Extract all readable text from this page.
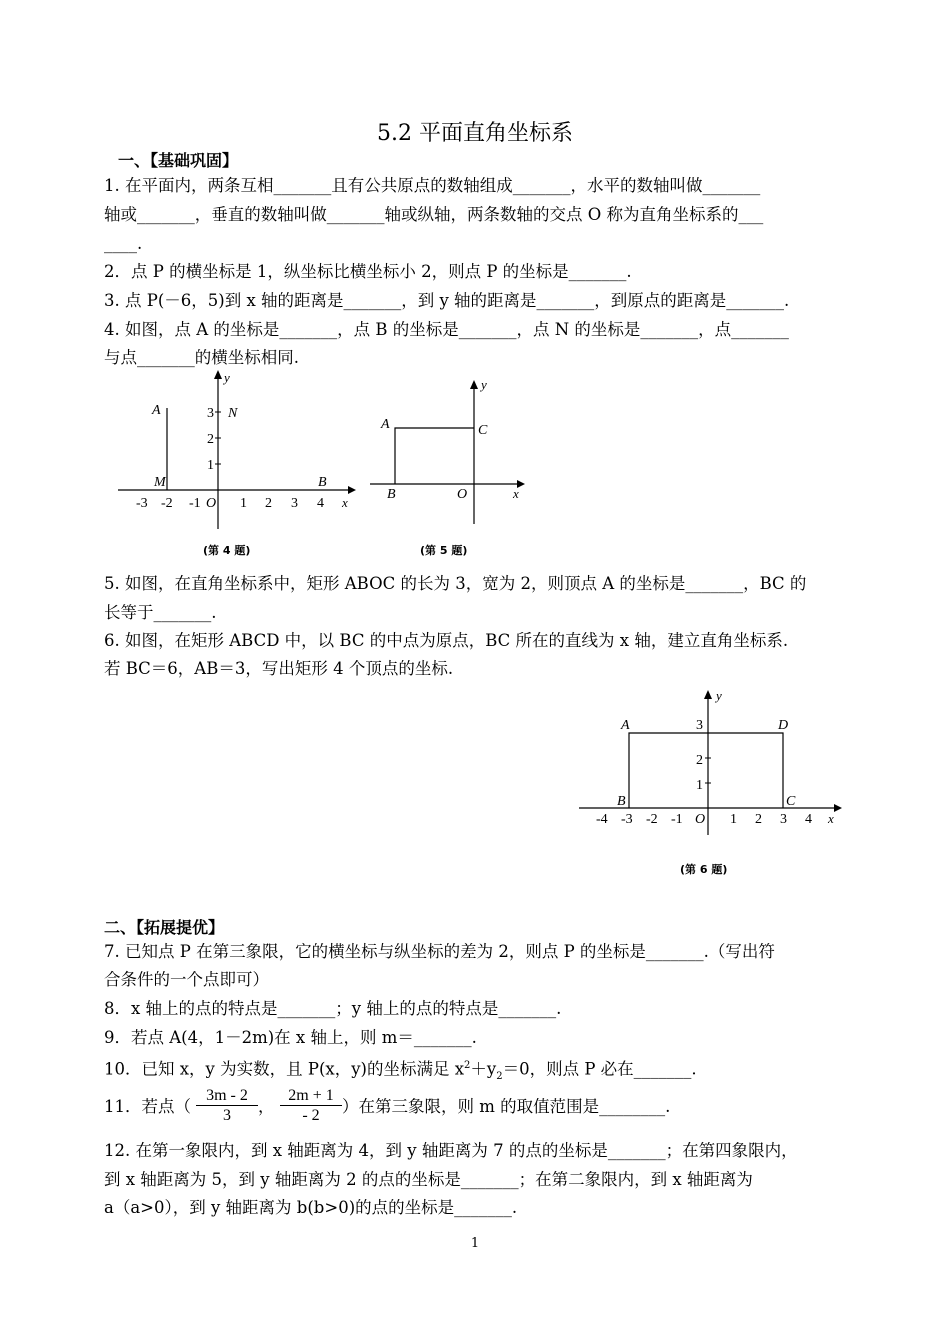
5.2 平面直角坐标系
一、【基础巩固】
1. 在平面内，两条互相_______且有公共原点的数轴组成_______，水平的数轴叫做_______
轴或_______，垂直的数轴叫做_______轴或纵轴，两条数轴的交点 O 称为直角坐标系的___
____.
2．点 P 的横坐标是 1，纵坐标比横坐标小 2，则点 P 的坐标是_______.
3. 点 P(－6，5)到 x 轴的距离是_______，到 y 轴的距离是_______，到原点的距离是_______.
4. 如图，点 A 的坐标是_______，点 B 的坐标是_______，点 N 的坐标是_______，点_______
与点_______的横坐标相同.
y
x
A	N
M	B
O
-3 -2 -1	1 2 3 4
1
2
3
(第 4 题)
y
x
A	C
B	O
(第 5 题)
5. 如图，在直角坐标系中，矩形 ABOC 的长为 3，宽为 2，则顶点 A 的坐标是_______，BC 的
长等于_______.
6. 如图，在矩形 ABCD 中，以 BC 的中点为原点，BC 所在的直线为 x 轴，建立直角坐标系.
若 BC＝6，AB＝3，写出矩形 4 个顶点的坐标.
y
x
A	D
B	C
O
-4 -3 -2 -1	1 2 3 4
1
2
3
(第 6 题)
二、【拓展提优】
7. 已知点 P 在第三象限，它的横坐标与纵坐标的差为 2，则点 P 的坐标是_______.（写出符
合条件的一个点即可）
8．x 轴上的点的特点是_______；y 轴上的点的特点是_______.
9．若点 A(4，1－2m)在 x 轴上，则 m＝_______.
10．已知 x，y 为实数，且 P(x，y)的坐标满足 $x^2+y_2=0$，则点 P 必在_______.
11．若点（ $\frac{3m - 2}{3}$ ， $\frac{2m + 1}{- 2}$ ）在第三象限，则 m 的取值范围是________.
12. 在第一象限内，到 x 轴距离为 4，到 y 轴距离为 7 的点的坐标是_______；在第四象限内，
到 x 轴距离为 5，到 y 轴距离为 2 的点的坐标是_______；在第二象限内，到 x 轴距离为
a（a>0），到 y 轴距离为 b(b>0)的点的坐标是_______.
1
